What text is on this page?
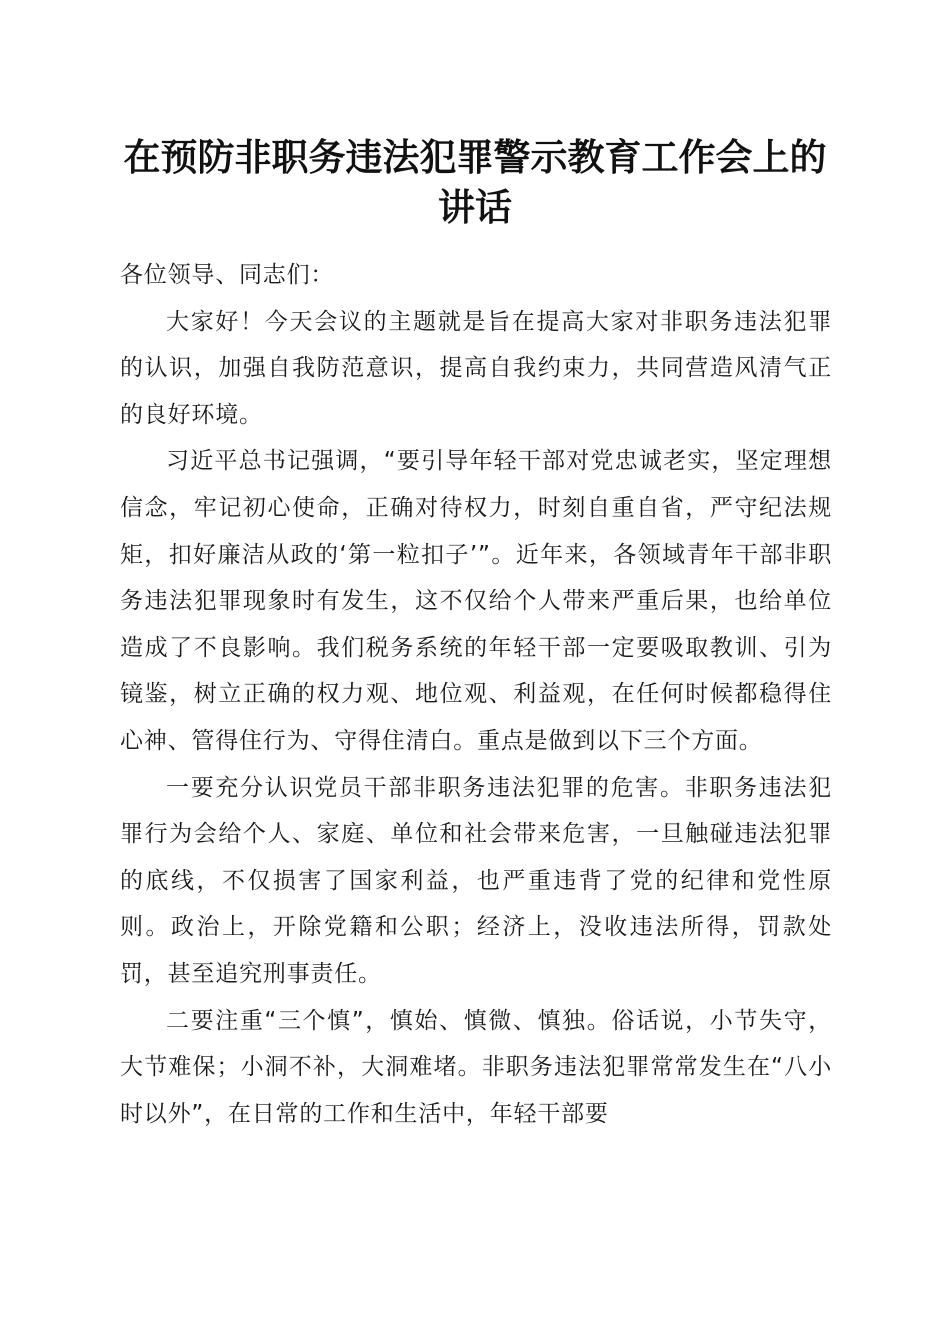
在预防非职务违法犯罪警示教育工作会上的讲话

各位领导、同志们：

大家好！今天会议的主题就是旨在提高大家对非职务违法犯罪的认识，加强自我防范意识，提高自我约束力，共同营造风清气正的良好环境。

习近平总书记强调，“要引导年轻干部对党忠诚老实，坚定理想信念，牢记初心使命，正确对待权力，时刻自重自省，严守纪法规矩，扣好廉洁从政的‘第一粒扣子’”。近年来，各领域青年干部非职务违法犯罪现象时有发生，这不仅给个人带来严重后果，也给单位造成了不良影响。我们税务系统的年轻干部一定要吸取教训、引为镜鉴，树立正确的权力观、地位观、利益观，在任何时候都稳得住心神、管得住行为、守得住清白。重点是做到以下三个方面。

一要充分认识党员干部非职务违法犯罪的危害。非职务违法犯罪行为会给个人、家庭、单位和社会带来危害，一旦触碰违法犯罪的底线，不仅损害了国家利益，也严重违背了党的纪律和党性原则。政治上，开除党籍和公职；经济上，没收违法所得，罚款处罚，甚至追究刑事责任。

二要注重“三个慎”，慎始、慎微、慎独。俗话说，小节失守，大节难保；小洞不补，大洞难堵。非职务违法犯罪常常发生在“八小时以外”，在日常的工作和生活中，年轻干部要
